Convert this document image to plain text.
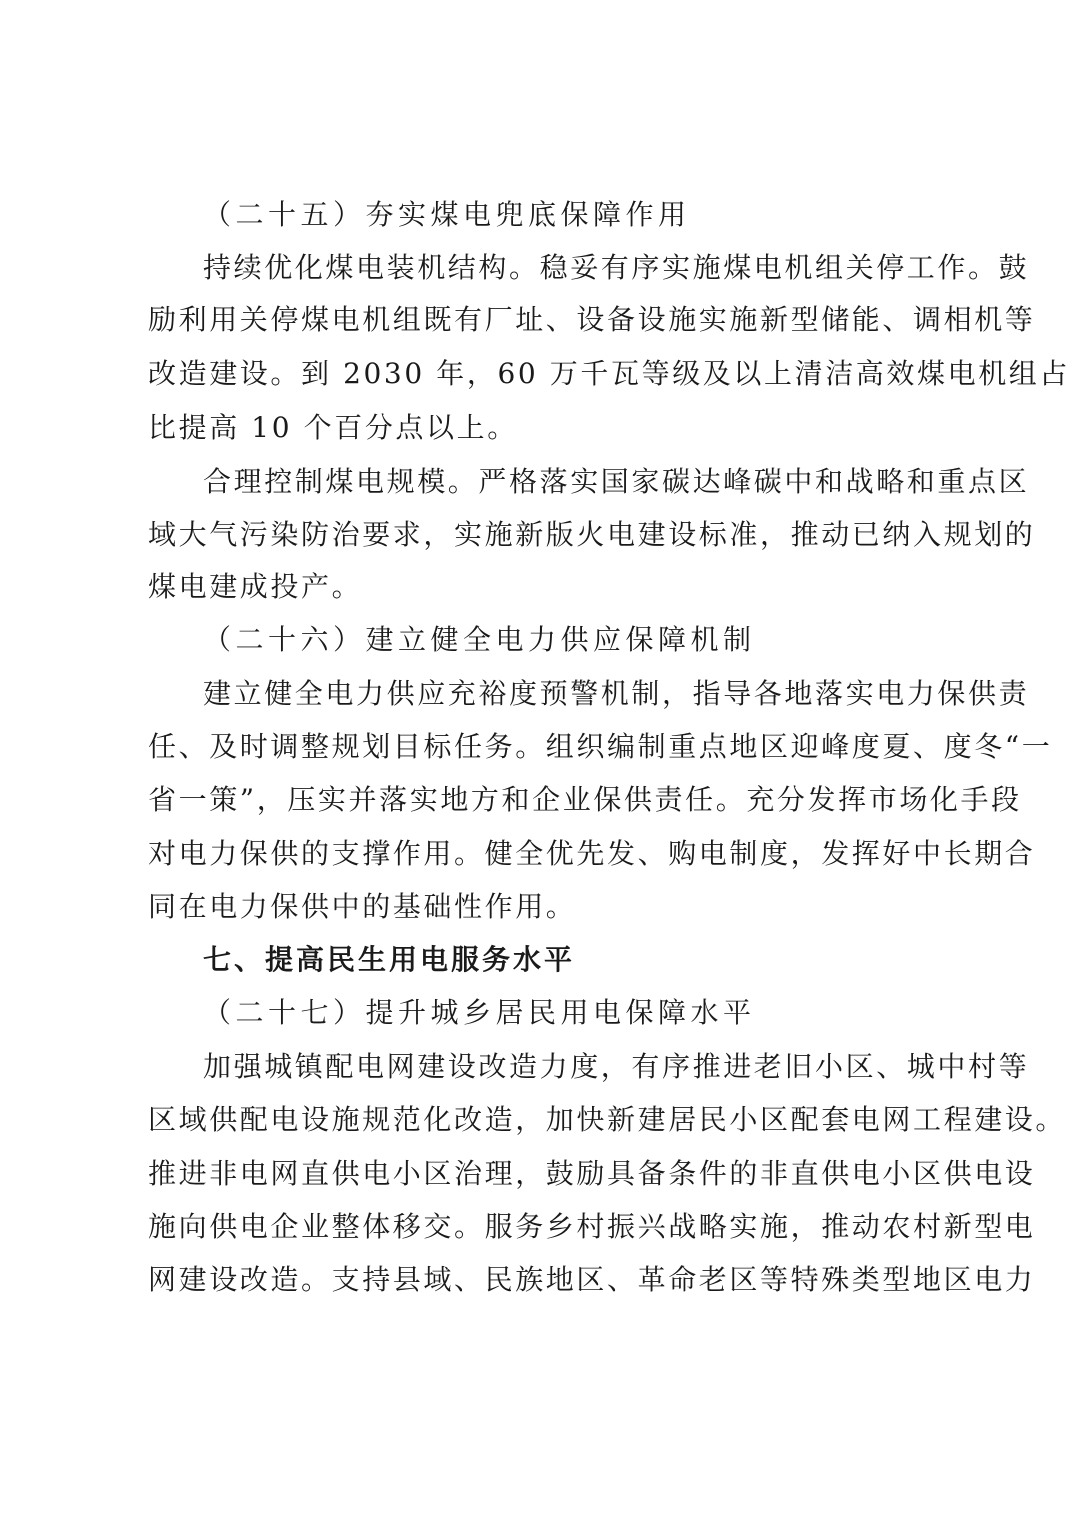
（二十五）夯实煤电兜底保障作用
持续优化煤电装机结构。稳妥有序实施煤电机组关停工作。鼓
励利用关停煤电机组既有厂址、设备设施实施新型储能、调相机等
改造建设。到 2030 年，60 万千瓦等级及以上清洁高效煤电机组占
比提高 10 个百分点以上。
合理控制煤电规模。严格落实国家碳达峰碳中和战略和重点区
域大气污染防治要求，实施新版火电建设标准，推动已纳入规划的
煤电建成投产。
（二十六）建立健全电力供应保障机制
建立健全电力供应充裕度预警机制，指导各地落实电力保供责
任、及时调整规划目标任务。组织编制重点地区迎峰度夏、度冬“一
省一策”，压实并落实地方和企业保供责任。充分发挥市场化手段
对电力保供的支撑作用。健全优先发、购电制度，发挥好中长期合
同在电力保供中的基础性作用。
七、提高民生用电服务水平
（二十七）提升城乡居民用电保障水平
加强城镇配电网建设改造力度，有序推进老旧小区、城中村等
区域供配电设施规范化改造，加快新建居民小区配套电网工程建设。
推进非电网直供电小区治理，鼓励具备条件的非直供电小区供电设
施向供电企业整体移交。服务乡村振兴战略实施，推动农村新型电
网建设改造。支持县域、民族地区、革命老区等特殊类型地区电力
